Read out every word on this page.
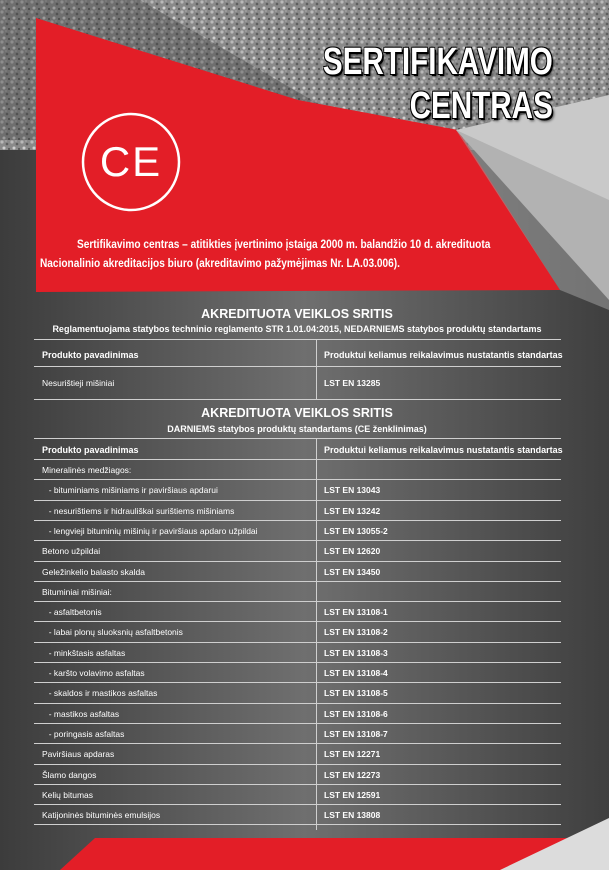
SERTIFIKAVIMO
CENTRAS
CE
Sertifikavimo centras – atitikties įvertinimo įstaiga 2000 m. balandžio 10 d. akredituota
Nacionalinio akreditacijos biuro (akreditavimo pažymėjimas Nr. LA.03.006).
AKREDITUOTA VEIKLOS SRITIS
Reglamentuojama statybos techninio reglamento STR 1.01.04:2015, NEDARNIEMS statybos produktų standartams
Produkto pavadinimas	Produktui keliamus reikalavimus nustatantis standartas
Nesurištieji mišiniai	LST EN 13285
AKREDITUOTA VEIKLOS SRITIS
DARNIEMS statybos produktų standartams (CE ženklinimas)
Produkto pavadinimas	Produktui keliamus reikalavimus nustatantis standartas
Mineralinės medžiagos:
- bituminiams mišiniams ir paviršiaus apdarui	LST EN 13043
- nesurištiems ir hidrauliškai surištiems mišiniams	LST EN 13242
- lengvieji bituminių mišinių ir paviršiaus apdaro užpildai	LST EN 13055-2
Betono užpildai	LST EN 12620
Geležinkelio balasto skalda	LST EN 13450
Bituminiai mišiniai:
- asfaltbetonis	LST EN 13108-1
- labai plonų sluoksnių asfaltbetonis	LST EN 13108-2
- minkštasis asfaltas	LST EN 13108-3
- karšto volavimo asfaltas	LST EN 13108-4
- skaldos ir mastikos asfaltas	LST EN 13108-5
- mastikos asfaltas	LST EN 13108-6
- poringasis asfaltas	LST EN 13108-7
Paviršiaus apdaras	LST EN 12271
Šlamo dangos	LST EN 12273
Kelių bitumas	LST EN 12591
Katijoninės bituminės emulsijos	LST EN 13808
